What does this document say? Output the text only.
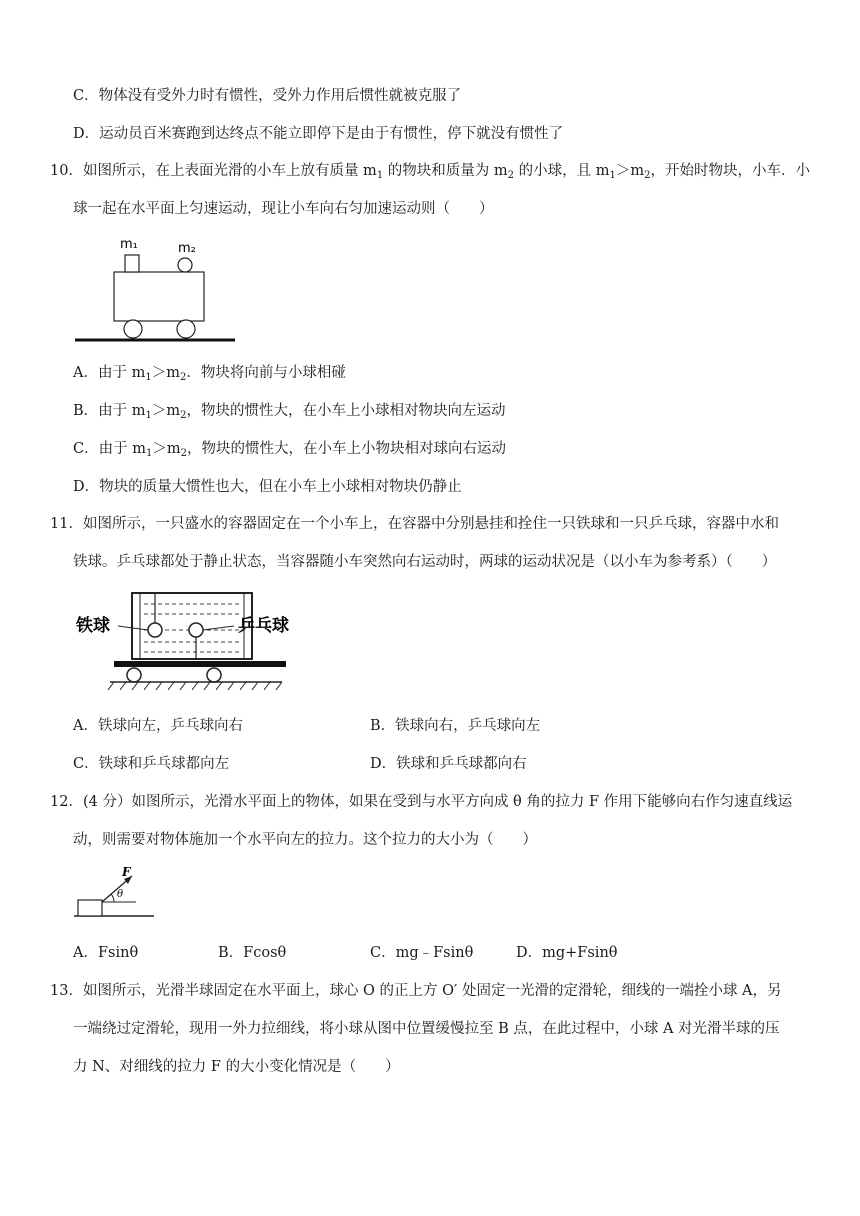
C．物体没有受外力时有惯性，受外力作用后惯性就被克服了
D．运动员百米赛跑到达终点不能立即停下是由于有惯性，停下就没有惯性了
10．如图所示，在上表面光滑的小车上放有质量 $m_1$ 的物块和质量为 $m_2$ 的小球，且 $m_1>m_2$，开始时物块，小车．小
球一起在水平面上匀速运动，现让小车向右匀加速运动则（　　）
m₁	m₂
A．由于 $m_1>m_2$．物块将向前与小球相碰
B．由于 $m_1>m_2$，物块的惯性大，在小车上小球相对物块向左运动
C．由于 $m_1>m_2$，物块的惯性大，在小车上小物块相对球向右运动
D．物块的质量大惯性也大，但在小车上小球相对物块仍静止
11．如图所示，一只盛水的容器固定在一个小车上，在容器中分别悬挂和拴住一只铁球和一只乒乓球，容器中水和
铁球。乒乓球都处于静止状态，当容器随小车突然向右运动时，两球的运动状况是（以小车为参考系）（　　）
铁球	乒乓球
A．铁球向左，乒乓球向右	B．铁球向右，乒乓球向左
C．铁球和乒乓球都向左	D．铁球和乒乓球都向右
12．(4 分）如图所示，光滑水平面上的物体，如果在受到与水平方向成 θ 角的拉力 F 作用下能够向右作匀速直线运
动，则需要对物体施加一个水平向左的拉力。这个拉力的大小为（　　）
F
θ
A．Fsinθ	B．Fcosθ	C．mg﹣Fsinθ	D．mg+Fsinθ
13．如图所示，光滑半球固定在水平面上，球心 O 的正上方 O′ 处固定一光滑的定滑轮，细线的一端拴小球 A，另
一端绕过定滑轮，现用一外力拉细线，将小球从图中位置缓慢拉至 B 点，在此过程中，小球 A 对光滑半球的压
力 N、对细线的拉力 F 的大小变化情况是（　　）
